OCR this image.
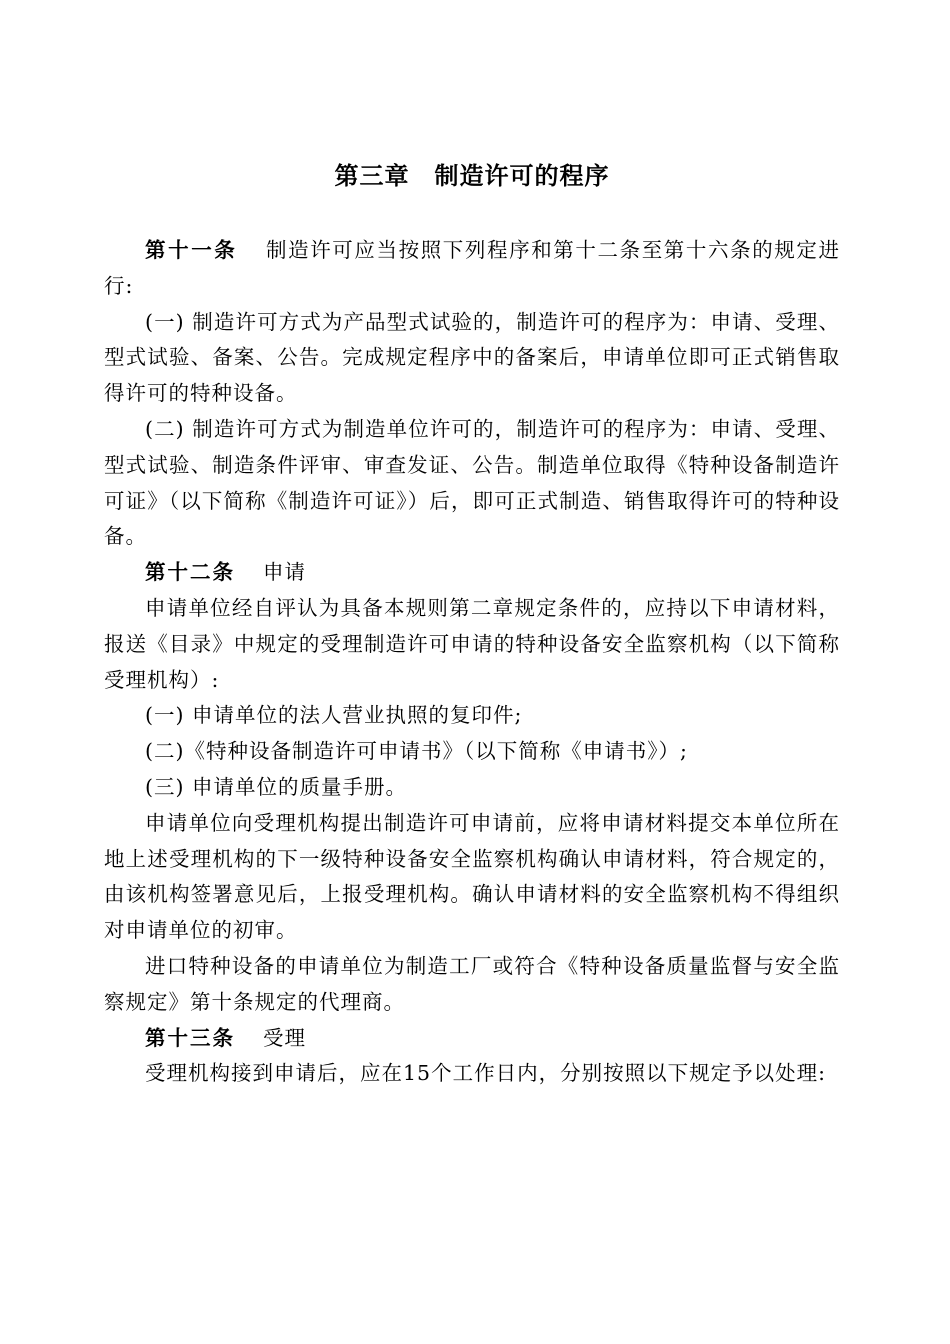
第三章　制造许可的程序

第十一条 制造许可应当按照下列程序和第十二条至第十六条的规定进行:

(一) 制造许可方式为产品型式试验的，制造许可的程序为：申请、受理、型式试验、备案、公告。完成规定程序中的备案后，申请单位即可正式销售取得许可的特种设备。

(二) 制造许可方式为制造单位许可的，制造许可的程序为：申请、受理、型式试验、制造条件评审、审查发证、公告。制造单位取得《特种设备制造许可证》（以下简称《制造许可证》）后，即可正式制造、销售取得许可的特种设备。

第十二条 申请

申请单位经自评认为具备本规则第二章规定条件的，应持以下申请材料，报送《目录》中规定的受理制造许可申请的特种设备安全监察机构（以下简称受理机构）:

(一) 申请单位的法人营业执照的复印件;

(二)《特种设备制造许可申请书》（以下简称《申请书》）;

(三) 申请单位的质量手册。

申请单位向受理机构提出制造许可申请前，应将申请材料提交本单位所在地上述受理机构的下一级特种设备安全监察机构确认申请材料，符合规定的，由该机构签署意见后，上报受理机构。确认申请材料的安全监察机构不得组织对申请单位的初审。

进口特种设备的申请单位为制造工厂或符合《特种设备质量监督与安全监察规定》第十条规定的代理商。

第十三条 受理

受理机构接到申请后，应在15个工作日内，分别按照以下规定予以处理:
